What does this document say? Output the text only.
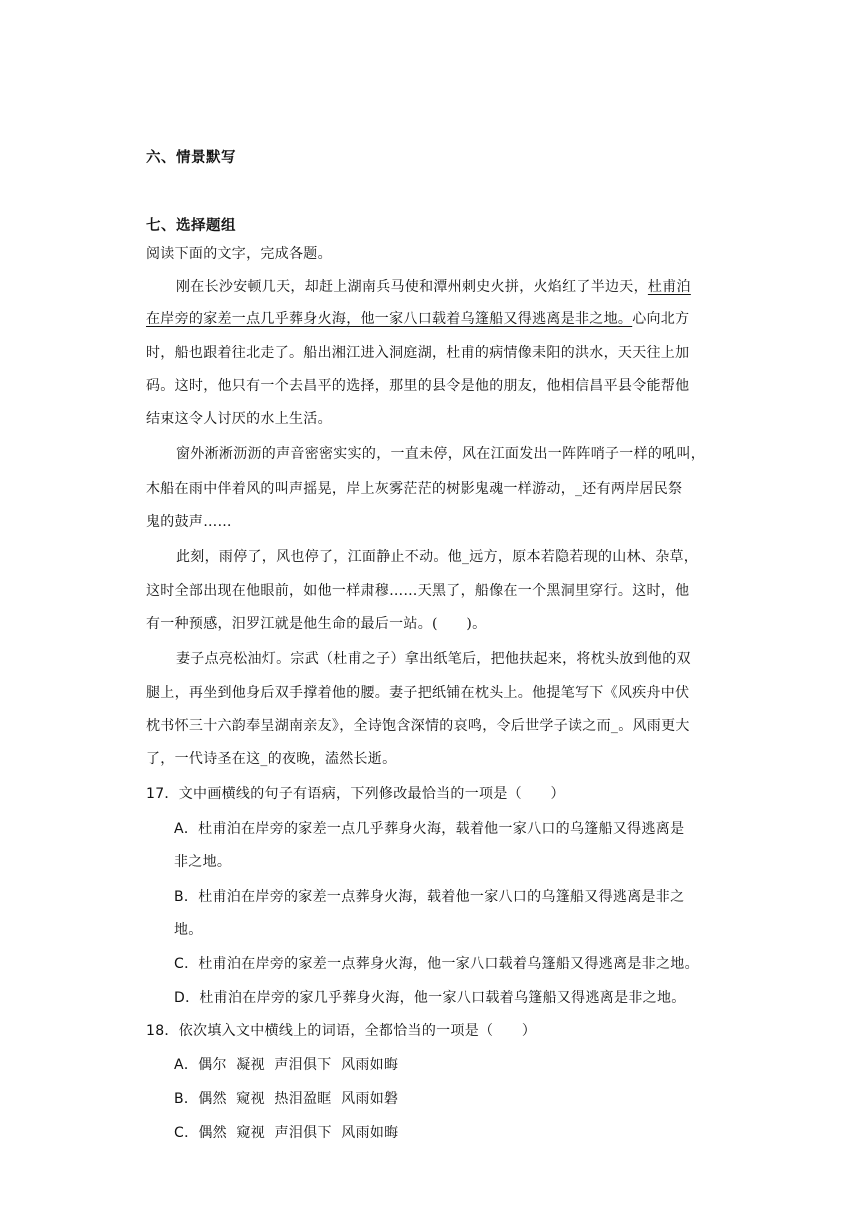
六、情景默写
七、选择题组
阅读下面的文字，完成各题。
刚在长沙安顿几天，却赶上湖南兵马使和潭州刺史火拼，火焰红了半边天，杜甫泊
在岸旁的家差一点几乎葬身火海，他一家八口载着乌篷船又得逃离是非之地。心向北方
时，船也跟着往北走了。船出湘江进入洞庭湖，杜甫的病情像耒阳的洪水，天天往上加
码。这时，他只有一个去昌平的选择，那里的县令是他的朋友，他相信昌平县令能帮他
结束这令人讨厌的水上生活。
窗外淅淅沥沥的声音密密实实的，一直未停，风在江面发出一阵阵哨子一样的吼叫，
木船在雨中伴着风的叫声摇晃，岸上灰雾茫茫的树影鬼魂一样游动，_还有两岸居民祭
鬼的鼓声……
此刻，雨停了，风也停了，江面静止不动。他_远方，原本若隐若现的山林、杂草，
这时全部出现在他眼前，如他一样肃穆……天黑了，船像在一个黑洞里穿行。这时，他
有一种预感，汨罗江就是他生命的最后一站。(　　)。
妻子点亮松油灯。宗武（杜甫之子）拿出纸笔后，把他扶起来，将枕头放到他的双
腿上，再坐到他身后双手撑着他的腰。妻子把纸铺在枕头上。他提笔写下《风疾舟中伏
枕书怀三十六韵奉呈湖南亲友》，全诗饱含深情的哀鸣，令后世学子读之而_。风雨更大
了，一代诗圣在这_的夜晚，溘然长逝。
17．文中画横线的句子有语病，下列修改最恰当的一项是（　　）
A．杜甫泊在岸旁的家差一点几乎葬身火海，载着他一家八口的乌篷船又得逃离是
非之地。
B．杜甫泊在岸旁的家差一点葬身火海，载着他一家八口的乌篷船又得逃离是非之
地。
C．杜甫泊在岸旁的家差一点葬身火海，他一家八口载着乌篷船又得逃离是非之地。
D．杜甫泊在岸旁的家几乎葬身火海，他一家八口载着乌篷船又得逃离是非之地。
18．依次填入文中横线上的词语，全都恰当的一项是（　　）
A．偶尔  凝视  声泪俱下  风雨如晦
B．偶然  窥视  热泪盈眶  风雨如磐
C．偶然  窥视  声泪俱下  风雨如晦
